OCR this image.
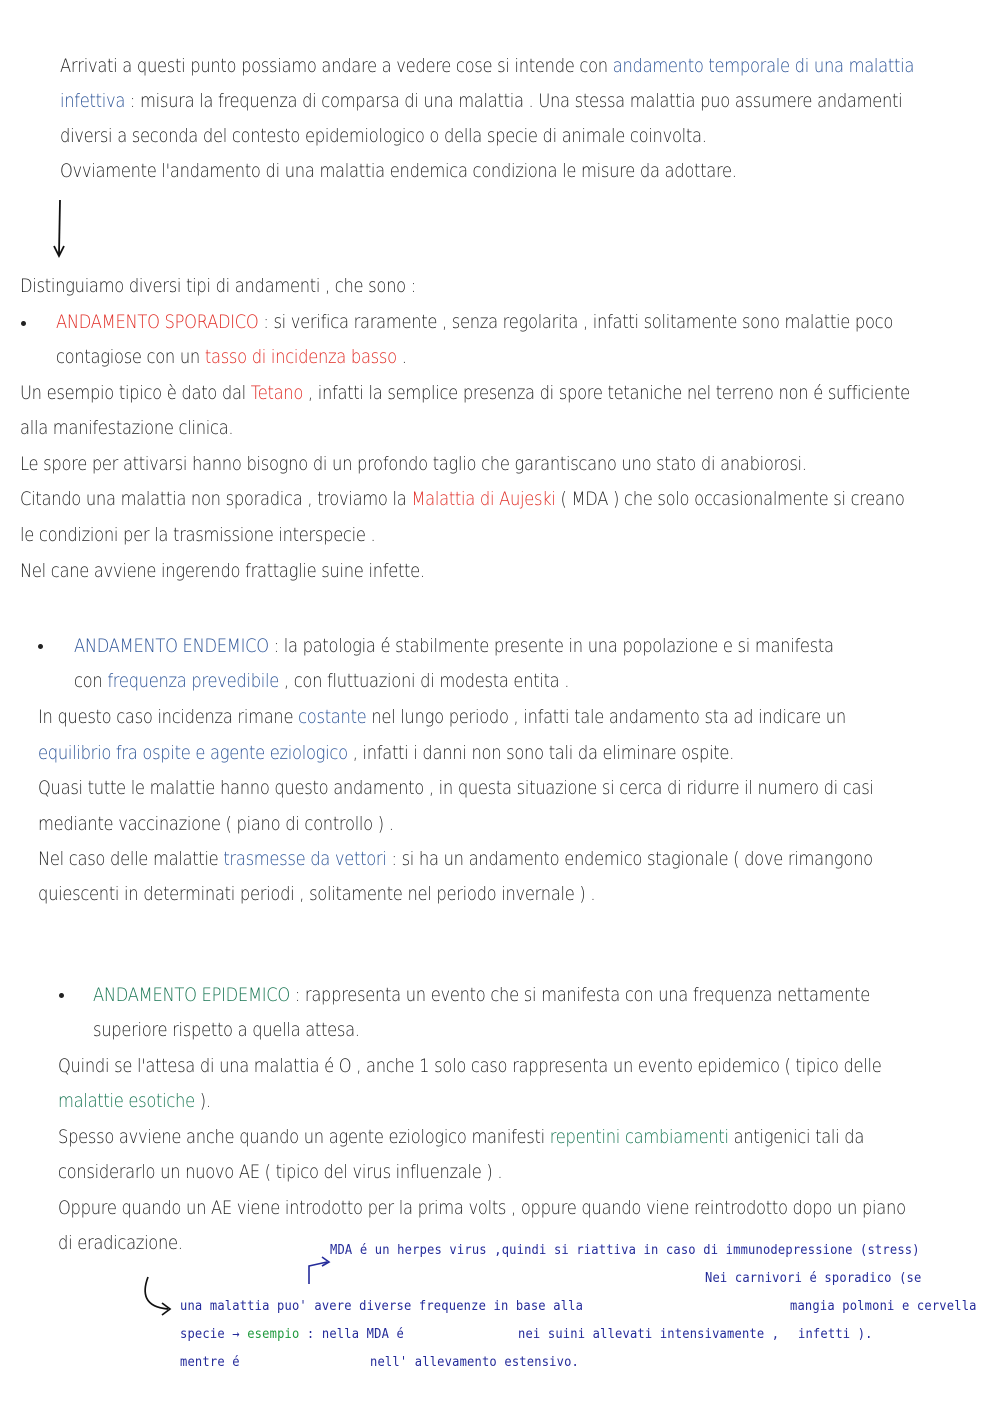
Arrivati a questi punto possiamo andare a vedere cose si intende con andamento temporale di una malattia
infettiva : misura la frequenza di comparsa di una malattia . Una stessa malattia puo assumere andamenti
diversi a seconda del contesto epidemiologico o della specie di animale coinvolta.
Ovviamente l'andamento di una malattia endemica condiziona le misure da adottare.
Distinguiamo diversi tipi di andamenti , che sono :
ANDAMENTO SPORADICO : si verifica raramente , senza regolarita , infatti solitamente sono malattie poco
contagiose con un tasso di incidenza basso .
Un esempio tipico è dato dal Tetano , infatti la semplice presenza di spore tetaniche nel terreno non é sufficiente
alla manifestazione clinica.
Le spore per attivarsi hanno bisogno di un profondo taglio che garantiscano uno stato di anabiorosi.
Citando una malattia non sporadica , troviamo la Malattia di Aujeski ( MDA ) che solo occasionalmente si creano
le condizioni per la trasmissione interspecie .
Nel cane avviene ingerendo frattaglie suine infette.
ANDAMENTO ENDEMICO : la patologia é stabilmente presente in una popolazione e si manifesta
con frequenza prevedibile , con fluttuazioni di modesta entita .
In questo caso incidenza rimane costante nel lungo periodo , infatti tale andamento sta ad indicare un
equilibrio fra ospite e agente eziologico , infatti i danni non sono tali da eliminare ospite.
Quasi tutte le malattie hanno questo andamento , in questa situazione si cerca di ridurre il numero di casi
mediante vaccinazione ( piano di controllo ) .
Nel caso delle malattie trasmesse da vettori : si ha un andamento endemico stagionale ( dove rimangono
quiescenti in determinati periodi , solitamente nel periodo invernale ) .
ANDAMENTO EPIDEMICO : rappresenta un evento che si manifesta con una frequenza nettamente
superiore rispetto a quella attesa.
Quindi se l'attesa di una malattia é O , anche 1 solo caso rappresenta un evento epidemico ( tipico delle
malattie esotiche ).
Spesso avviene anche quando un agente eziologico manifesti repentini cambiamenti antigenici tali da
considerarlo un nuovo AE ( tipico del virus influenzale ) .
Oppure quando un AE viene introdotto per la prima volts , oppure quando viene reintrodotto dopo un piano
di eradicazione.	MDA é un herpes virus ,quindi si riattiva in caso di immunodepressione (stress)
Nei carnivori é sporadico (se
mangia polmoni e cervella
infetti ).
una malattia puo' avere diverse frequenze in base alla
specie → esempio : nella MDA é	nei suini allevati intensivamente ,
mentre é	nell' allevamento estensivo.
